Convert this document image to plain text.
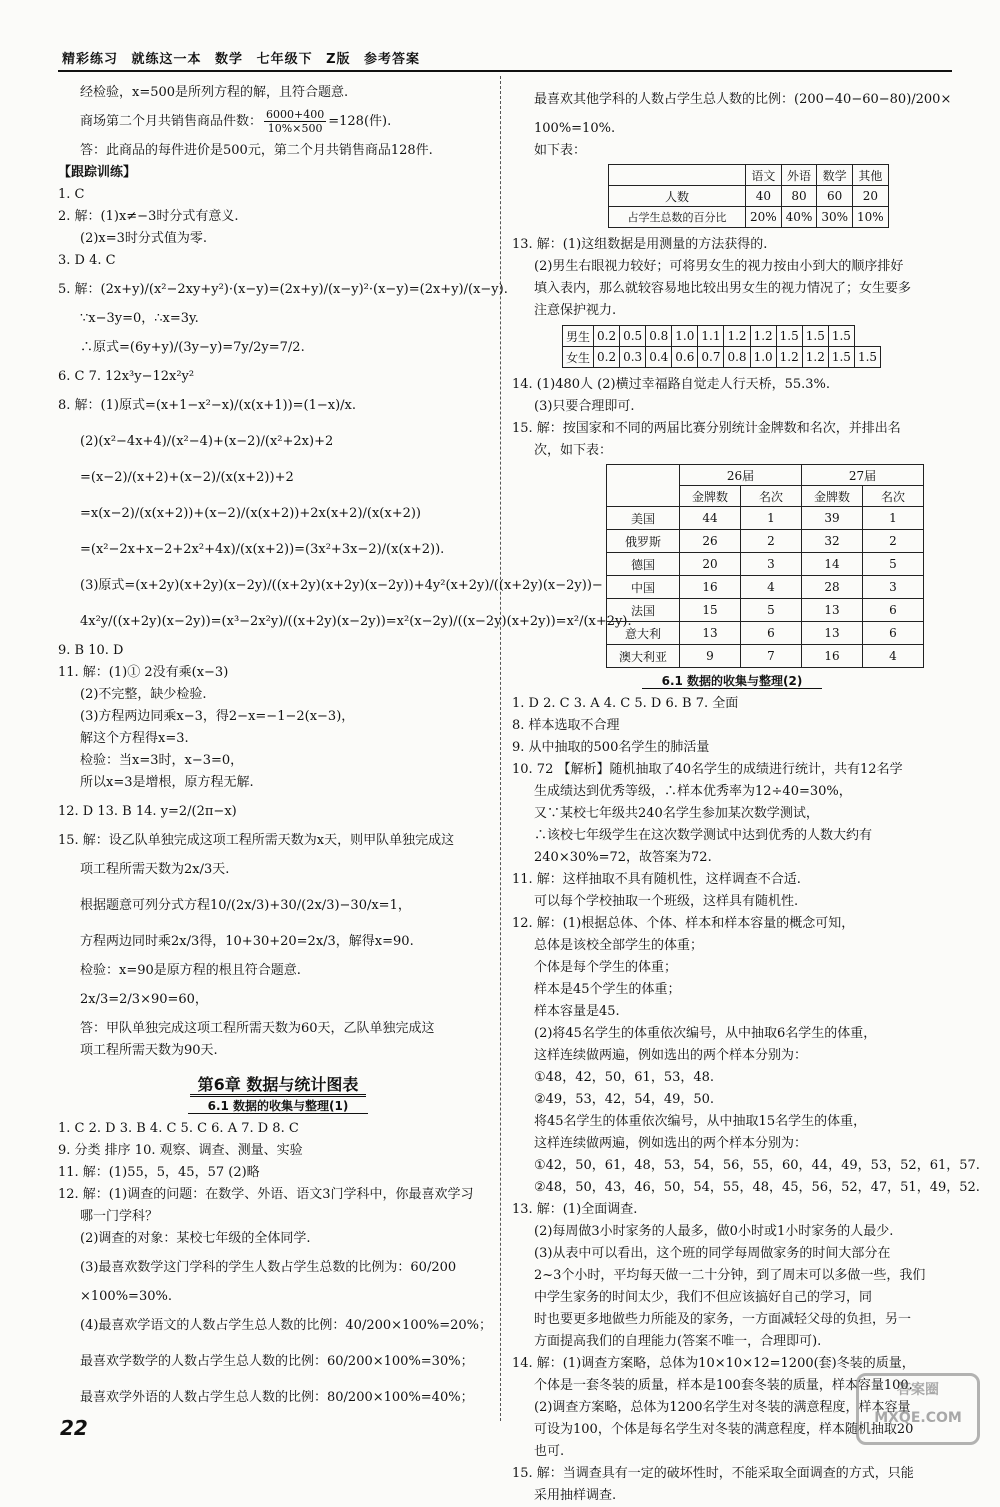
精彩练习 就练这一本 数学 七年级下 Z版 参考答案
经检验，x=500是所列方程的解，且符合题意.
商场第二个月共销售商品件数： $\frac{6000+400}{10\%\times 500} =128$(件).
答：此商品的每件进价是500元，第二个月共销售商品128件.
【跟踪训练】
1. C
2. 解：(1)x≠−3时分式有意义.
(2)x=3时分式值为零.
3. D 4. C
5. 解：(2x+y)/(x²−2xy+y²)·(x−y)=(2x+y)/(x−y)²·(x−y)=(2x+y)/(x−y).
∵x−3y=0，∴x=3y.
∴原式=(6y+y)/(3y−y)=7y/2y=7/2.
6. C 7. 12x³y−12x²y²
8. 解：(1)原式=(x+1−x²−x)/(x(x+1))=(1−x)/x.
(2)(x²−4x+4)/(x²−4)+(x−2)/(x²+2x)+2
=(x−2)/(x+2)+(x−2)/(x(x+2))+2
=x(x−2)/(x(x+2))+(x−2)/(x(x+2))+2x(x+2)/(x(x+2))
=(x²−2x+x−2+2x²+4x)/(x(x+2))=(3x²+3x−2)/(x(x+2)).
(3)原式=(x+2y)(x+2y)(x−2y)/((x+2y)(x+2y)(x−2y))+4y²(x+2y)/((x+2y)(x−2y))−
4x²y/((x+2y)(x−2y))=(x³−2x²y)/((x+2y)(x−2y))=x²(x−2y)/((x−2y)(x+2y))=x²/(x+2y).
9. B 10. D
11. 解：(1)① 2没有乘(x−3)
(2)不完整，缺少检验.
(3)方程两边同乘x−3，得2−x=−1−2(x−3)，
解这个方程得x=3.
检验：当x=3时，x−3=0，
所以x=3是增根，原方程无解.
12. D 13. B 14. y=2/(2π−x)
15. 解：设乙队单独完成这项工程所需天数为x天，则甲队单独完成这
项工程所需天数为2x/3天.
根据题意可列分式方程10/(2x/3)+30/(2x/3)−30/x=1，
方程两边同时乘2x/3得，10+30+20=2x/3，解得x=90.
检验：x=90是原方程的根且符合题意.
2x/3=2/3×90=60，
答：甲队单独完成这项工程所需天数为60天，乙队单独完成这
项工程所需天数为90天.
第6章 数据与统计图表
6.1 数据的收集与整理(1)
1. C 2. D 3. B 4. C 5. C 6. A 7. D 8. C
9. 分类 排序 10. 观察、调查、测量、实验
11. 解：(1)55，5，45，57 (2)略
12. 解：(1)调查的问题：在数学、外语、语文3门学科中，你最喜欢学习
哪一门学科？
(2)调查的对象：某校七年级的全体同学.
(3)最喜欢数学这门学科的学生人数占学生总数的比例为：60/200
×100%=30%.
(4)最喜欢学语文的人数占学生总人数的比例：40/200×100%=20%；
最喜欢学数学的人数占学生总人数的比例：60/200×100%=30%；
最喜欢学外语的人数占学生总人数的比例：80/200×100%=40%；
最喜欢其他学科的人数占学生总人数的比例：(200−40−60−80)/200×
100%=10%.
如下表：
	语文	外语	数学	其他
人数	40	80	60	20
占学生总数的百分比	20%	40%	30%	10%
13. 解：(1)这组数据是用测量的方法获得的.
(2)男生右眼视力较好；可将男女生的视力按由小到大的顺序排好
填入表内，那么就较容易地比较出男女生的视力情况了；女生要多
注意保护视力.
男生	0.2	0.5	0.8	1.0	1.1	1.2	1.2	1.5	1.5	1.5	
女生	0.2	0.3	0.4	0.6	0.7	0.8	1.0	1.2	1.2	1.5	1.5
14. (1)480人 (2)横过幸福路自觉走人行天桥，55.3%.
(3)只要合理即可.
15. 解：按国家和不同的两届比赛分别统计金牌数和名次，并排出名
次，如下表：
	26届		27届	
	金牌数	名次	金牌数	名次
美国	44	1	39	1
俄罗斯	26	2	32	2
德国	20	3	14	5
中国	16	4	28	3
法国	15	5	13	6
意大利	13	6	13	6
澳大利亚	9	7	16	4
6.1 数据的收集与整理(2)
1. D 2. C 3. A 4. C 5. D 6. B 7. 全面
8. 样本选取不合理
9. 从中抽取的500名学生的肺活量
10. 72 【解析】随机抽取了40名学生的成绩进行统计，共有12名学
生成绩达到优秀等级，∴样本优秀率为12÷40=30%，
又∵某校七年级共240名学生参加某次数学测试，
∴该校七年级学生在这次数学测试中达到优秀的人数大约有
240×30%=72，故答案为72.
11. 解：这样抽取不具有随机性，这样调查不合适.
可以每个学校抽取一个班级，这样具有随机性.
12. 解：(1)根据总体、个体、样本和样本容量的概念可知，
总体是该校全部学生的体重；
个体是每个学生的体重；
样本是45个学生的体重；
样本容量是45.
(2)将45名学生的体重依次编号，从中抽取6名学生的体重，
这样连续做两遍，例如选出的两个样本分别为：
①48，42，50，61，53，48.
②49，53，42，54，49，50.
将45名学生的体重依次编号，从中抽取15名学生的体重，
这样连续做两遍，例如选出的两个样本分别为：
①42，50，61，48，53，54，56，55，60，44，49，53，52，61，57.
②48，50，43，46，50，54，55，48，45，56，52，47，51，49，52.
13. 解：(1)全面调查.
(2)每周做3小时家务的人最多，做0小时或1小时家务的人最少.
(3)从表中可以看出，这个班的同学每周做家务的时间大部分在
2~3个小时，平均每天做一二十分钟，到了周末可以多做一些，我们
中学生家务的时间太少，我们不但应该搞好自己的学习，同
时也要更多地做些力所能及的家务，一方面减轻父母的负担，另一
方面提高我们的自理能力(答案不唯一，合理即可).
14. 解：(1)调查方案略，总体为10×10×12=1200(套)冬装的质量，
个体是一套冬装的质量，样本是100套冬装的质量，样本容量100.
(2)调查方案略，总体为1200名学生对冬装的满意程度，样本容量
可设为100，个体是每名学生对冬装的满意程度，样本随机抽取20
也可.
15. 解：当调查具有一定的破坏性时，不能采取全面调查的方式，只能
采用抽样调查.
22
答案圈 MXQE.COM
